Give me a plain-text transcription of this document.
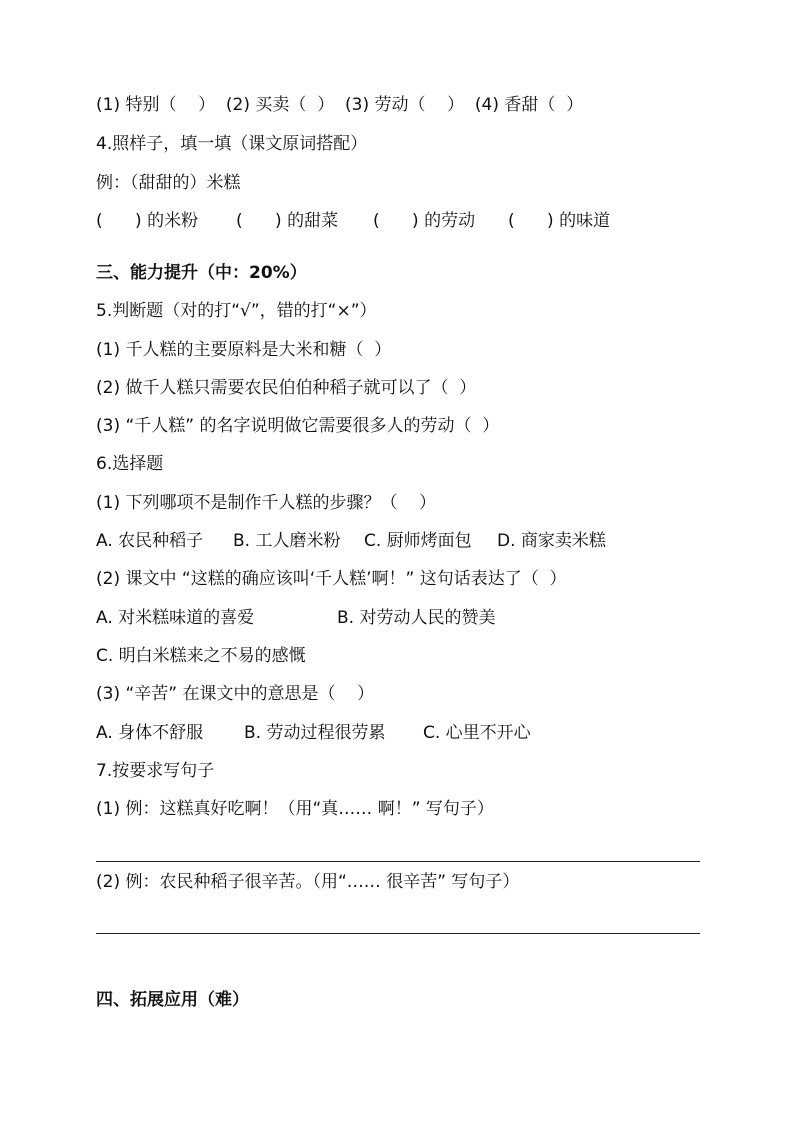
(1) 特别（    ）  (2) 买卖（  ）  (3) 劳动（    ）  (4) 香甜（  ）
4.照样子，填一填（课文原词搭配）
例：（甜甜的）米糕
(      ) 的米粉 (      ) 的甜菜 (      ) 的劳动 (      ) 的味道
三、能力提升（中：20%）
5.判断题（对的打“√”，错的打“×”）
(1) 千人糕的主要原料是大米和糖（  ）
(2) 做千人糕只需要农民伯伯种稻子就可以了（  ）
(3) “千人糕” 的名字说明做它需要很多人的劳动（  ）
6.选择题
(1) 下列哪项不是制作千人糕的步骤？（    ）
A. 农民种稻子 B. 工人磨米粉 C. 厨师烤面包 D. 商家卖米糕
(2) 课文中 “这糕的确应该叫‘千人糕’啊！” 这句话表达了（  ）
A. 对米糕味道的喜爱	B. 对劳动人民的赞美
C. 明白米糕来之不易的感慨
(3) “辛苦” 在课文中的意思是（    ）
A. 身体不舒服 B. 劳动过程很劳累 C. 心里不开心
7.按要求写句子
(1) 例：这糕真好吃啊！（用“真…… 啊！” 写句子）
(2) 例：农民种稻子很辛苦。（用“…… 很辛苦” 写句子）
四、拓展应用（难）
